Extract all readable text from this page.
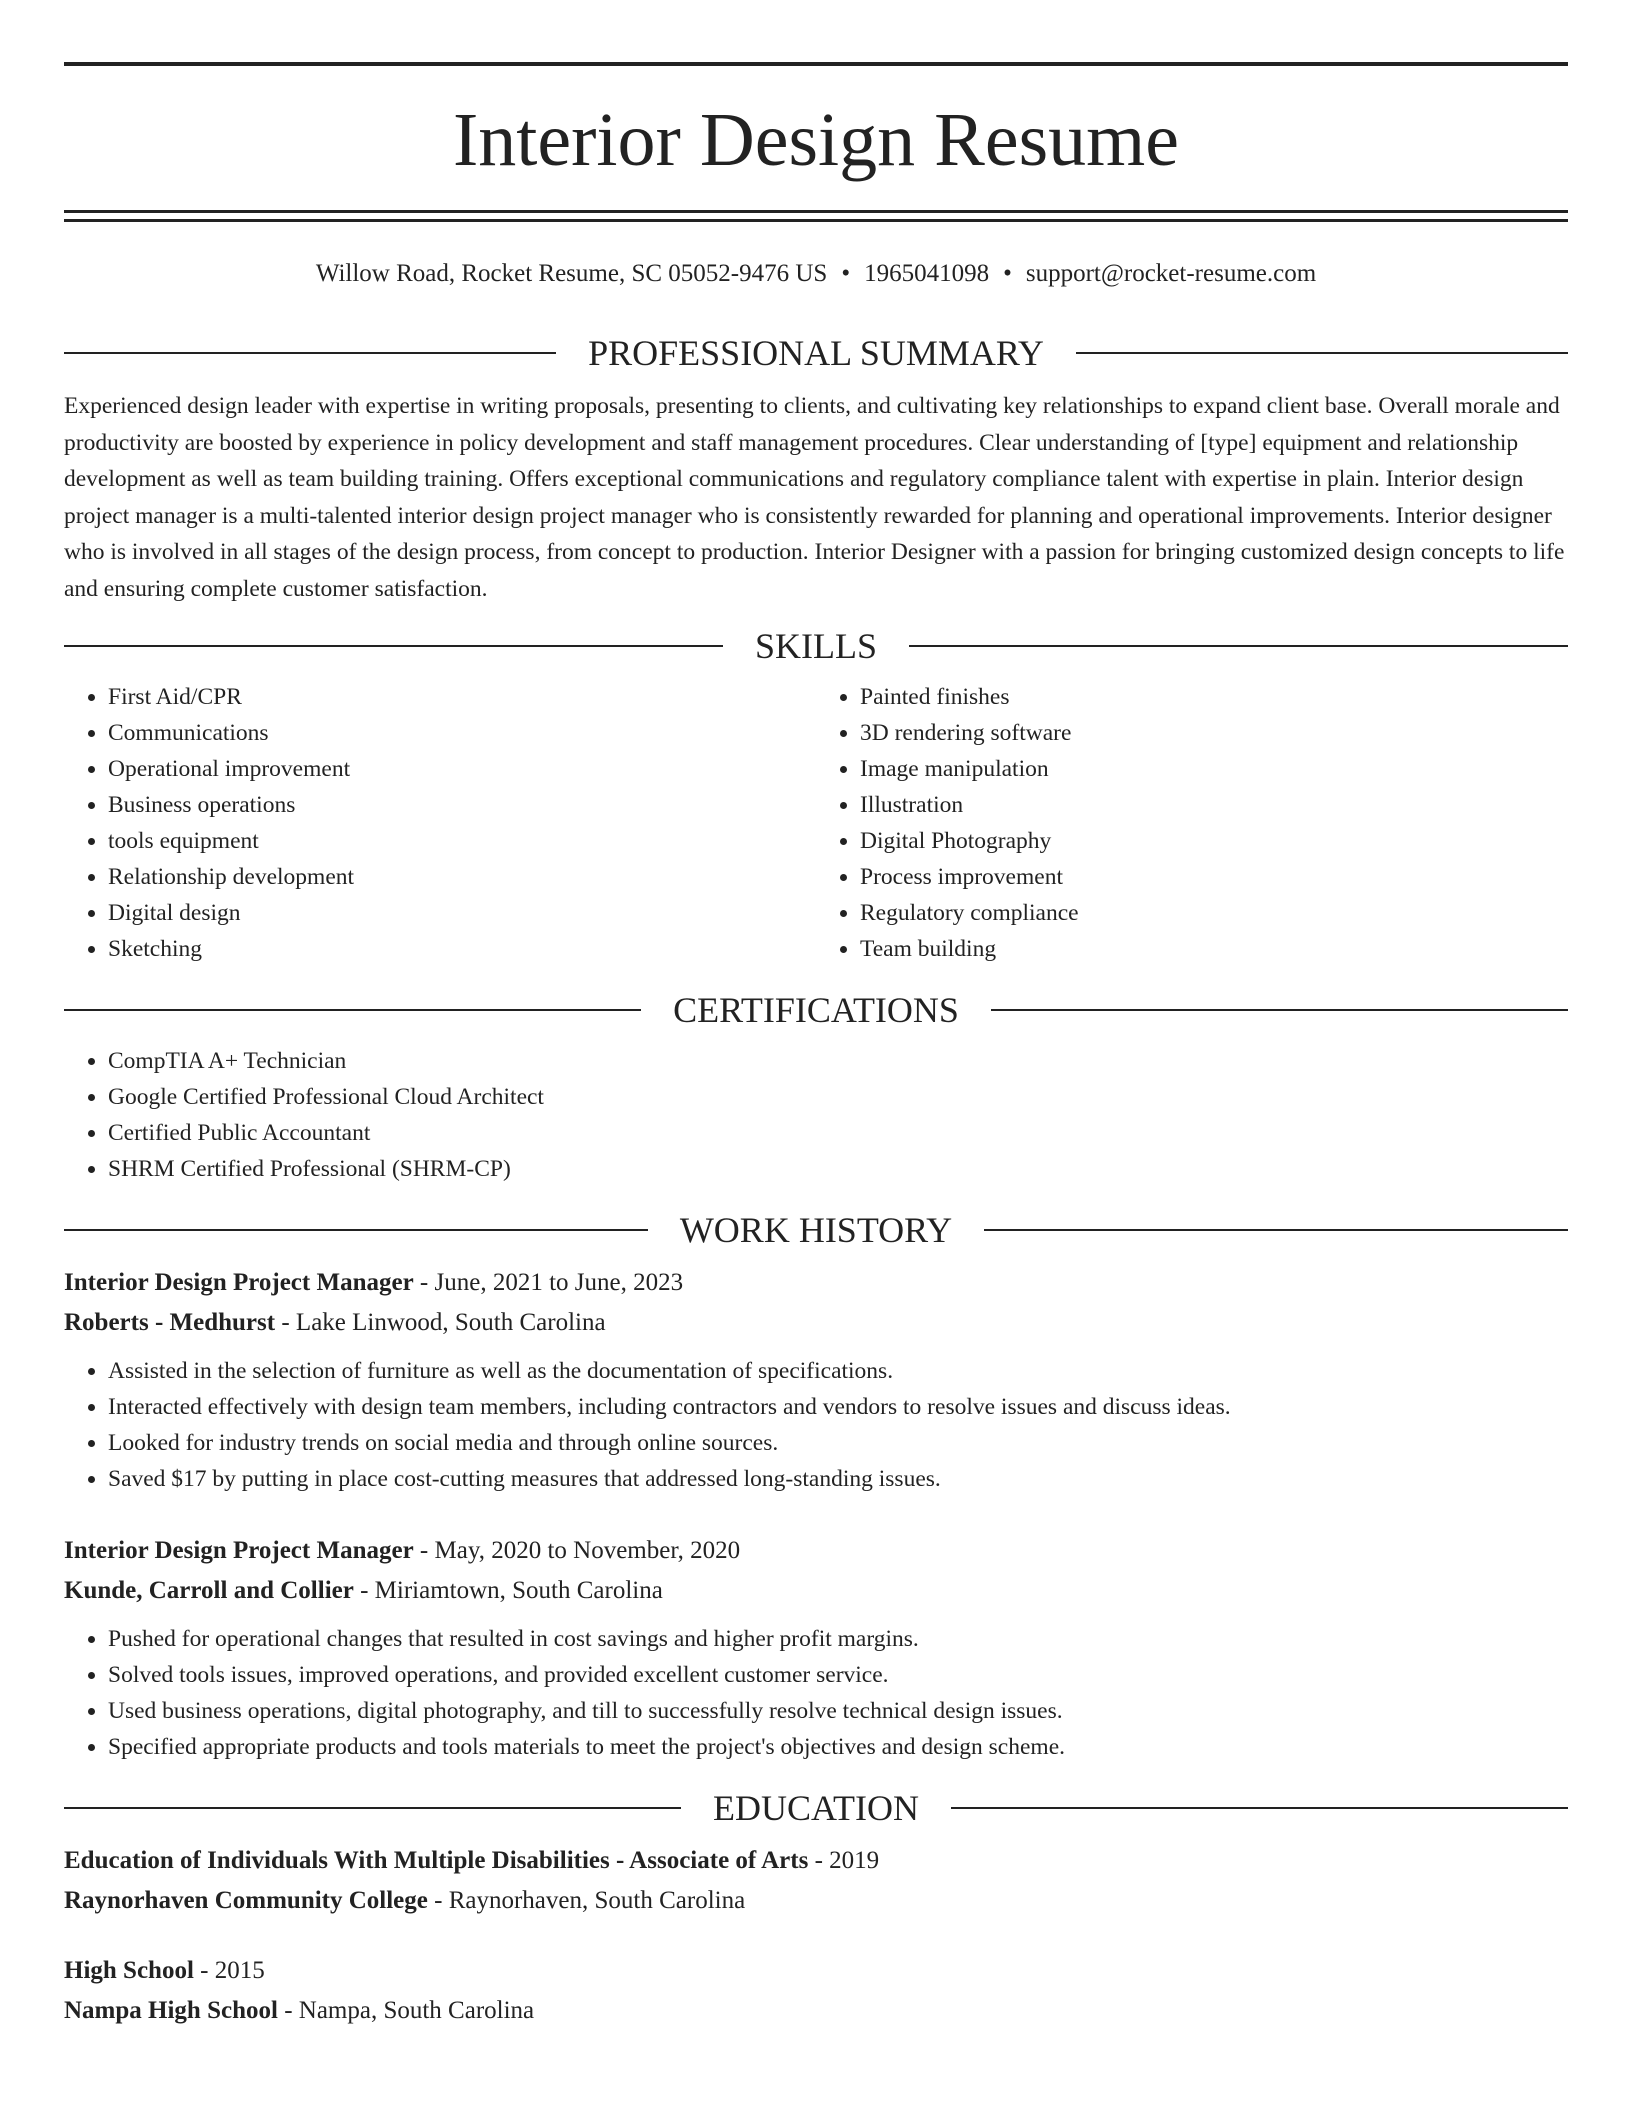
Interior Design Resume
Willow Road, Rocket Resume, SC 05052-9476 US • 1965041098 • support@rocket-resume.com
PROFESSIONAL SUMMARY

Experienced design leader with expertise in writing proposals, presenting to clients, and cultivating key relationships to expand client base. Overall morale and productivity are boosted by experience in policy development and staff management procedures. Clear understanding of [type] equipment and relationship development as well as team building training. Offers exceptional communications and regulatory compliance talent with expertise in plain. Interior design project manager is a multi-talented interior design project manager who is consistently rewarded for planning and operational improvements. Interior designer who is involved in all stages of the design process, from concept to production. Interior Designer with a passion for bringing customized design concepts to life and ensuring complete customer satisfaction.

SKILLS
• First Aid/CPR
• Communications
• Operational improvement
• Business operations
• tools equipment
• Relationship development
• Digital design
• Sketching
• Painted finishes
• 3D rendering software
• Image manipulation
• Illustration
• Digital Photography
• Process improvement
• Regulatory compliance
• Team building
CERTIFICATIONS
• CompTIA A+ Technician
• Google Certified Professional Cloud Architect
• Certified Public Accountant
• SHRM Certified Professional (SHRM-CP)
WORK HISTORY
Interior Design Project Manager - June, 2021 to June, 2023
Roberts - Medhurst - Lake Linwood, South Carolina
• Assisted in the selection of furniture as well as the documentation of specifications.
• Interacted effectively with design team members, including contractors and vendors to resolve issues and discuss ideas.
• Looked for industry trends on social media and through online sources.
• Saved $17 by putting in place cost-cutting measures that addressed long-standing issues.
Interior Design Project Manager - May, 2020 to November, 2020
Kunde, Carroll and Collier - Miriamtown, South Carolina
• Pushed for operational changes that resulted in cost savings and higher profit margins.
• Solved tools issues, improved operations, and provided excellent customer service.
• Used business operations, digital photography, and till to successfully resolve technical design issues.
• Specified appropriate products and tools materials to meet the project's objectives and design scheme.
EDUCATION
Education of Individuals With Multiple Disabilities - Associate of Arts - 2019
Raynorhaven Community College - Raynorhaven, South Carolina
High School - 2015
Nampa High School - Nampa, South Carolina
